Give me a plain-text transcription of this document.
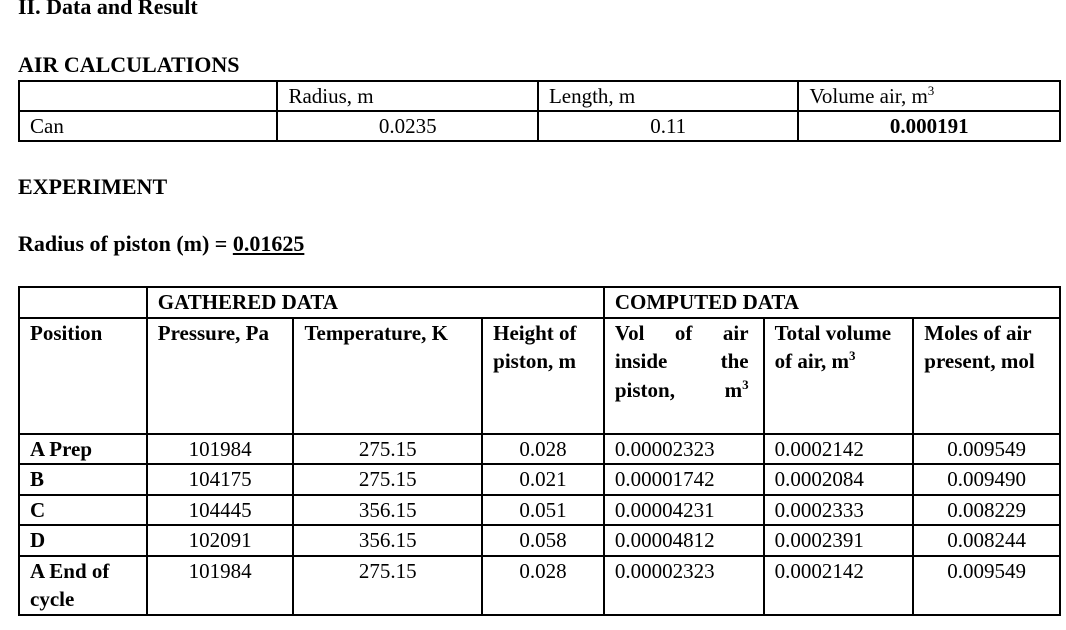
II. Data and Result
AIR CALCULATIONS
	Radius, m	Length, m	Volume air, $m^3$
Can	0.0235	0.11	0.000191
EXPERIMENT
Radius of piston (m) = 0.01625
	GATHERED DATA			COMPUTED DATA		
Position	Pressure, Pa	Temperature, K	Height of piston, m	Vol of air inside the piston, $m^3$	Total volume of air, $m^3$	Moles of air present, mol
A Prep	101984	275.15	0.028	0.00002323	0.0002142	0.009549
B	104175	275.15	0.021	0.00001742	0.0002084	0.009490
C	104445	356.15	0.051	0.00004231	0.0002333	0.008229
D	102091	356.15	0.058	0.00004812	0.0002391	0.008244
A End of cycle	101984	275.15	0.028	0.00002323	0.0002142	0.009549
